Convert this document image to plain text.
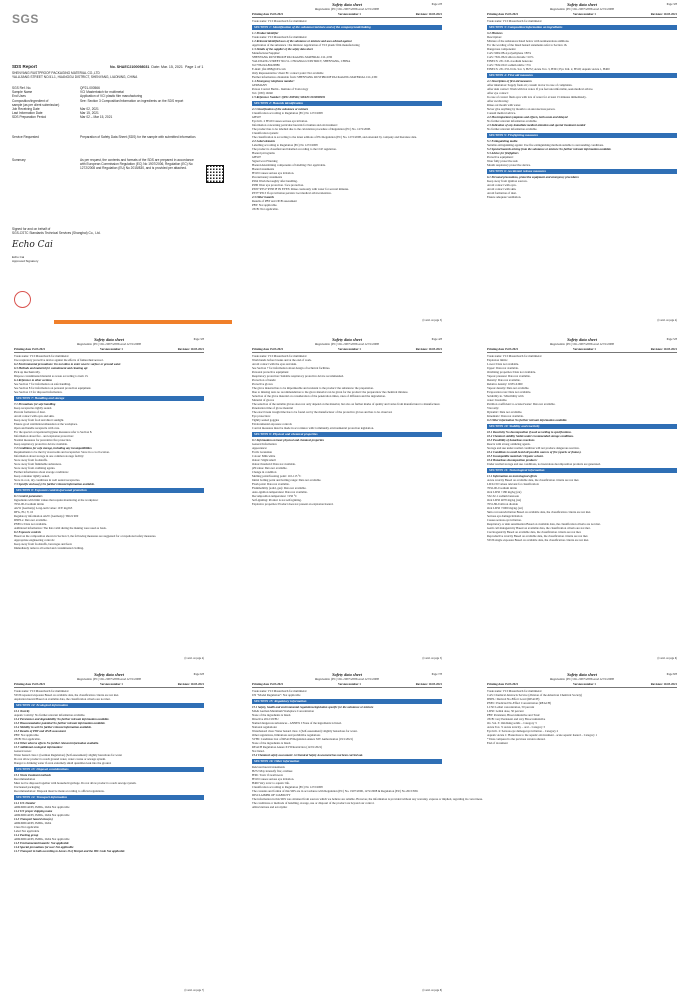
SGS
SDS Report	No. SHAEC2100098031 Date: Mar. 15, 2021 Page 1 of 1
SHENYANG RUSTPROOF PACKAGING MATERIAL CO.,LTD
YALUJIANG STREET NO.51-1, HUANGGU DISTRICT, SHENYANG, LIAONING, CHINA
SGS Ref. No.	QP21-000566
Sample Name	VCI Masterbatch for multimetal
End Uses	Application of VCI plastic film manufacturing
Composition/Ingredient of	See: Section 3 Composition/information on ingredients on the SDS report
sample (as per client submission)
Job Receiving Date	Mar 02, 2021
Last Information Date	Mar 15, 2021
SDS Preparation Period	Mar 02 – Mar 15, 2021
Service Requested	Preparation of Safety Data Sheet (SDS) for the sample with submitted information.
Summary	As per request, the contents and formats of the SDS are prepared in accordance with European Commission Regulation (EC) No 1907/2006, Regulation (EC) No 1272/2008 and Regulation (EU) No 2015/830, and is provided per attached.
Signed for and on behalf of
SGS-CSTC Standards Technical Services (Shanghai) Co., Ltd.
Echo Cai
Echo Cai
Approved Signatory
Page 2/8
Safety data sheet
Regulation (EC) No.1907/2006 and 1272/2008
Printing date 15.03.2021	Version number 1	Revision: 10.03.2021
Trade name: VCI Masterbatch for multimetal
SECTION 1: Identification of the substance/mixture and of the company/undertaking
1.1 Product identifier
Trade name: VCI Masterbatch for multimetal
1.2 Relevant identified uses of the substance or mixture and uses advised against
Application of the substance / the mixture: Application of VCI plastic film manufacturing
1.3 Details of the supplier of the safety data sheet
Manufacturer/Supplier:
SHENYANG RUSTPROOF PACKAGING MATERIAL CO.,LTD
YALUJIANG STREET NO.51-1 HUANGGU DISTRICT, SHENYANG, CHINA
Tel:+86-024-86220886
E-mail: jfzx1998@163.com
Only Representative/ client EC contact point: Not available
Further information obtainable from: SHENYANG RUSTPROOF PACKAGING MATERIAL CO.,LTD
1.4 Emergency telephone number:
GERMANY
Poison Control Berlin - Institute of Toxicology
Tel.: (030) 19240
1.5 Reference Number: QP21-000566; SHAEC2100098031
SECTION 2: Hazards identification
2.1 Classification of the substance or mixture
Classification according to Regulation (EC) No 1272/2008
GHS07
Eye Irrit. 2 H319 Causes serious eye irritation.
Information concerning particular hazards for human and environment:
The product has to be labelled due to the calculation procedure of Regulation (EC) No. 1272/2008.
Classification system:
The classification is according to the latest editions of EU-Regulation (EC) No. 1272/2008, and extended by company and literature data.
2.2 Label elements
Labelling according to Regulation (EC) No 1272/2008
The product is classified and labelled according to the CLP regulation.
Hazard pictograms
GHS07
Signal word Warning
Hazard-determining components of labelling: Not applicable.
Hazard statements
H319 Causes serious eye irritation.
Precautionary statements
P264 Wash thoroughly after handling.
P280 Wear eye protection / face protection.
P305+P351+P338 IF IN EYES: Rinse cautiously with water for several minutes.
P337+P313 If eye irritation persists: Get medical advice/attention.
2.3 Other hazards
Results of PBT and vPvB assessment
PBT: Not applicable.
vPvB: Not applicable.
(Contd. on page 3)
Page 3/8
Safety data sheet
Regulation (EC) No.1907/2006 and 1272/2008
Printing date 15.03.2021	Version number 1	Revision: 10.03.2021
Trade name: VCI Masterbatch for multimetal
SECTION 3: Composition/information on ingredients
3.2 Mixtures
Description:
Mixture of the substances listed below with nonhazardous additions.
For the wording of the listed hazard statements refer to Section 16.
Dangerous components:
CAS: 9002-88-4 polyethylene >80%
CAS: 7631-86-9 silicon dioxide <10%
EINECS: 231-545-4 sodium benzoate
CAS: 7632-00-0 sodium nitrite <3%
EINECS: 231-555-9 Ox. Sol. 3, H272; Acute Tox. 3, H301; Eye Irrit. 2, H319; Aquatic Acute 1, H400
SECTION 4: First aid measures
4.1 Description of first aid measures
After inhalation: Supply fresh air; consult doctor in case of complaints.
After skin contact: Wash with hot water. If you feel uncomfortable, seek medical advice.
After eye contact:
In case of contact flush eyes with lots of water for at least 15 minutes immediately.
After swallowing:
Rinse out mouth with water.
Never give anything by mouth to an unconscious person.
Consult medical advice.
4.2 Most important symptoms and effects, both acute and delayed
No further relevant information available.
4.3 Indication of any immediate medical attention and special treatment needed
No further relevant information available.
SECTION 5: Firefighting measures
5.1 Extinguishing media
Suitable extinguishing agents: Use fire extinguishing methods suitable to surrounding conditions.
5.2 Special hazards arising from the substance or mixture No further relevant information available.
5.3 Advice for firefighters
Protective equipment:
Wear fully protective suit.
Mouth respiratory protective device.
SECTION 6: Accidental release measures
6.1 Personal precautions, protective equipment and emergency procedures
Keep away from ignition sources.
Avoid contact with eyes.
Avoid contact with skin.
Avoid formation of dust.
Ensure adequate ventilation.
(Contd. on page 4)
Page 3/8
Safety data sheet
Regulation (EC) No.1907/2006 and 1272/2008
Printing date 15.03.2021	Version number 1	Revision: 10.03.2021
Trade name: VCI Masterbatch for multimetal
Use respiratory protective device against the effects of fumes/dust/aerosol.
6.2 Environmental precautions: Do not allow to enter sewers/ surface or ground water.
6.3 Methods and material for containment and cleaning up:
Pick up mechanically.
Dispose contaminated material as waste according to item 13.
6.4 Reference to other sections
See Section 7 for information on safe handling.
See Section 8 for information on personal protection equipment.
See Section 13 for disposal information.
SECTION 7: Handling and storage
7.1 Precautions for safe handling
Keep receptacles tightly sealed.
Prevent formation of dust.
Avoid contact with eyes and skin.
Keep away from food and direct sunlight.
Ensure good ventilation/exhaustion at the workplace.
Open and handle receptacle with care.
For the special occupational hygiene measures refer to Section 8.
Information about fire - and explosion protection:
Normal measures for preventive fire protection.
Keep respiratory protective device available.
7.2 Conditions for safe storage, including any incompatibilities
Requirements to be met by storerooms and receptacles: Store in a cool location.
Information about storage in one common storage facility:
Store away from foodstuffs.
Store away from flammable substances.
Store away from oxidizing agents.
Further information about storage conditions:
Keep container tightly sealed.
Store in cool, dry conditions in well sealed receptacles.
7.3 Specific end use(s) No further relevant information available.
SECTION 8: Exposure controls/personal protection
8.1 Control parameters
Ingredients with limit values that require monitoring at the workplace:
7632-00-0 sodium nitrite
AGW (Germany) Long-term value: 10 E mg/m3
DFG, EU, Y, 10
Regulatory information AGW (Germany): TRGS 900
DNELs: Data not available.
PNECs: Data not available.
Additional information: The lists valid during the making were used as basis.
8.2 Exposure controls
Based on the composition shown in Section 3, the following measures are suggested for occupational safety measures.
Appropriate engineering controls:
Keep away from foodstuffs, beverages and feed.
Immediately remove all soiled and contaminated clothing.
(Contd. on page 4)
Page 4/8
Safety data sheet
Regulation (EC) No.1907/2006 and 1272/2008
Printing date 15.03.2021	Version number 1	Revision: 10.03.2021
Trade name: VCI Masterbatch for multimetal
Wash hands before breaks and at the end of work.
Avoid contact with the eyes and skin.
See Section 7 for information about design of technical facilities.
Personal protective equipment
Respiratory protection: Suitable respiratory protective device recommended.
Protection of hands:
Protective gloves
The glove material has to be impermeable and resistant to the product/ the substance/ the preparation.
Due to missing tests no recommendation to the glove material can be given for the product/ the preparation/ the chemical mixture.
Selection of the glove material on consideration of the penetration times, rates of diffusion and the degradation.
Material of gloves
The selection of the suitable gloves does not only depend on the material, but also on further marks of quality and varies from manufacturer to manufacturer.
Penetration time of glove material
The exact break trough time has to be found out by the manufacturer of the protective gloves and has to be observed.
Eye protection:
Tightly sealed goggles
Environmental exposure controls
Control measures must be made in accordance with Community environmental protection legislation.
SECTION 9: Physical and chemical properties
9.1 Information on basic physical and chemical properties
General Information
Appearance:
Form: Granulate
Colour: Milk white
Odour: Slight smell
Odour threshold: Data not available.
pH-value: Data not available.
Change in condition
Melting point/freezing point: 110-115 °C
Initial boiling point and boiling range: Data not available.
Flash point: Data not available.
Flammability (solid, gas): Data not available.
Auto-ignition temperature: Data not available.
Decomposition temperature: >250 °C
Self-igniting: Product is not self-igniting.
Explosive properties: Product does not present an explosion hazard.
(Contd. on page 5)
Page 5/8
Safety data sheet
Regulation (EC) No.1907/2006 and 1272/2008
Printing date 15.03.2021	Version number 1	Revision: 10.03.2021
Trade name: VCI Masterbatch for multimetal
Explosion limits:
Lower: Data not available.
Upper: Data not available.
Oxidizing properties: Data not available.
Vapour pressure: Data not available.
Density: Data not available.
Relative density: 0.935-0.960
Vapour density: Data not available.
Evaporation rate: Data not available.
Solubility in / Miscibility with
water: Insoluble.
Partition coefficient: n-octanol/water: Data not available.
Viscosity:
Dynamic: Data not available.
Kinematic: Data not available.
9.2 Other information No further relevant information available.
SECTION 10: Stability and reactivity
10.1 Reactivity No decomposition if used according to specifications.
10.2 Chemical stability Stable under recommended storage conditions.
10.3 Possibility of hazardous reactions
Reacts with strong oxidizing agents.
Storage and use under normal condition will not produce dangerous reaction.
10.4 Conditions to avoid Avoid all possible sources of fire (sparks or flames).
10.5 Incompatible materials: Organic solvent.
10.6 Hazardous decomposition products:
Under normal storage and use conditions, no hazardous decomposition products are generated.
SECTION 11: Toxicological information
11.1 Information on toxicological effects
Acute toxicity Based on available data, the classification criteria are not met.
LD/LC50 values relevant for classification:
7632-00-0 sodium nitrite
Oral LD50 >180 mg/kg (rat)
532-32-1 sodium benzoate
Oral LD50 4070 mg/kg (rat)
7631-86-9 silicon dioxide
Oral LD50 >5000 mg/kg (rat)
Skin corrosion/irritation Based on available data, the classification criteria are not met.
Serious eye damage/irritation
Causes serious eye irritation.
Respiratory or skin sensitisation Based on available data, the classification criteria are not met.
Germ cell mutagenicity Based on available data, the classification criteria are not met.
Carcinogenicity Based on available data, the classification criteria are not met.
Reproductive toxicity Based on available data, the classification criteria are not met.
STOT-single exposure Based on available data, the classification criteria are not met.
(Contd. on page 6)
Page 6/8
Safety data sheet
Regulation (EC) No.1907/2006 and 1272/2008
Printing date 15.03.2021	Version number 1	Revision: 10.03.2021
Trade name: VCI Masterbatch for multimetal
STOT-repeated exposure Based on available data, the classification criteria are not met.
Aspiration hazard Based on available data, the classification criteria are not met.
SECTION 12: Ecological information
12.1 Toxicity
Aquatic toxicity: No further relevant information available.
12.2 Persistence and degradability No further relevant information available.
12.3 Bioaccumulative potential No further relevant information available.
12.4 Mobility in soil No further relevant information available.
12.5 Results of PBT and vPvB assessment
PBT: Not applicable.
vPvB: Not applicable.
12.6 Other adverse effects No further relevant information available.
12.7 Additional ecological information:
General notes:
Water hazard class 1 (German Regulation) (Self-assessment): slightly hazardous for water
Do not allow product to reach ground water, water course or sewage system.
Danger to drinking water if even extremely small quantities leak into the ground.
SECTION 13: Disposal considerations
13.1 Waste treatment methods
Recommendation
Must not be disposed together with household garbage. Do not allow product to reach sewage system.
Uncleaned packaging
Recommendation: Disposal must be made according to official regulations.
SECTION 14: Transport information
14.1 UN-Number
ADR/RID/ADN, IMDG, IATA Not applicable
14.2 UN proper shipping name
ADR/RID/ADN, IMDG, IATA Not applicable
14.3 Transport hazard class(es)
ADR/RID/ADN, IMDG, IATA
Class Not applicable
Label Not applicable
14.4 Packing group
ADR/RID/ADN, IMDG, IATA Not applicable
14.5 Environmental hazards: Not applicable
14.6 Special precautions for user Not applicable
14.7 Transport in bulk according to Annex II of Marpol and the IBC Code Not applicable
(Contd. on page 7)
Page 7/8
Safety data sheet
Regulation (EC) No.1907/2006 and 1272/2008
Printing date 15.03.2021	Version number 1	Revision: 10.03.2021
Trade name: VCI Masterbatch for multimetal
UN "Model Regulation": Not applicable
SECTION 15: Regulatory information
15.1 Safety, health and environmental regulations/legislation specific for the substance or mixture
MAK German Maximum Workplace Concentration
None of the ingredients is listed.
Directive 2012/18/EU
Named dangerous substances - ANNEX I None of the ingredients is listed.
National regulations:
Waterhazard class: Water hazard class 1 (Self-assessment): slightly hazardous for water.
Other regulations, limitations and prohibitive regulations
SVHC Candidate List of REACH Regulation Annex XIV Authorisation (19/1/2021)
None of the ingredients is listed.
REACH Regulation Annex XVII Restriction (12/01/2021)
Not listed.
15.2 Chemical safety assessment: A Chemical Safety Assessment has not been carried out.
SECTION 16: Other information
Relevant hazard statements
H272 May intensify fire; oxidiser.
H301 Toxic if swallowed.
H319 Causes serious eye irritation.
H400 Very toxic to aquatic life.
Classification according to Regulation (EC) No 1272/2008
The contents and format of this SDS are in accordance with Regulation (EC) No. 1907/2006, 1272/2008 & Regulation (EU) No 2015/830.
DISCLAIMER OF LIABILITY
The information in this SDS was obtained from sources which we believe are reliable. However, the information is provided without any warranty, express or implied, regarding its correctness.
The conditions or methods of handling, storage, use or disposal of the product are beyond our control.
Abbreviations and acronyms:
(Contd. on page 8)
Page 8/8
Safety data sheet
Regulation (EC) No.1907/2006 and 1272/2008
Printing date 15.03.2021	Version number 1	Revision: 10.03.2021
Trade name: VCI Masterbatch for multimetal
CAS: Chemical Abstracts Service (division of the American Chemical Society)
DNEL: Derived No-Effect Level (REACH)
PNEC: Predicted No-Effect Concentration (REACH)
LC50: Lethal concentration, 50 percent
LD50: Lethal dose, 50 percent
PBT: Persistent, Bioaccumulative and Toxic
vPvB: very Persistent and very Bioaccumulative
Ox. Sol. 3: Oxidising solids – Category 3
Acute Tox. 3: Acute toxicity – oral – Category 3
Eye Irrit. 2: Serious eye damage/eye irritation – Category 2
Aquatic Acute 1: Hazardous to the aquatic environment - acute aquatic hazard – Category 1
* Data compared to the previous version altered.
End of document
